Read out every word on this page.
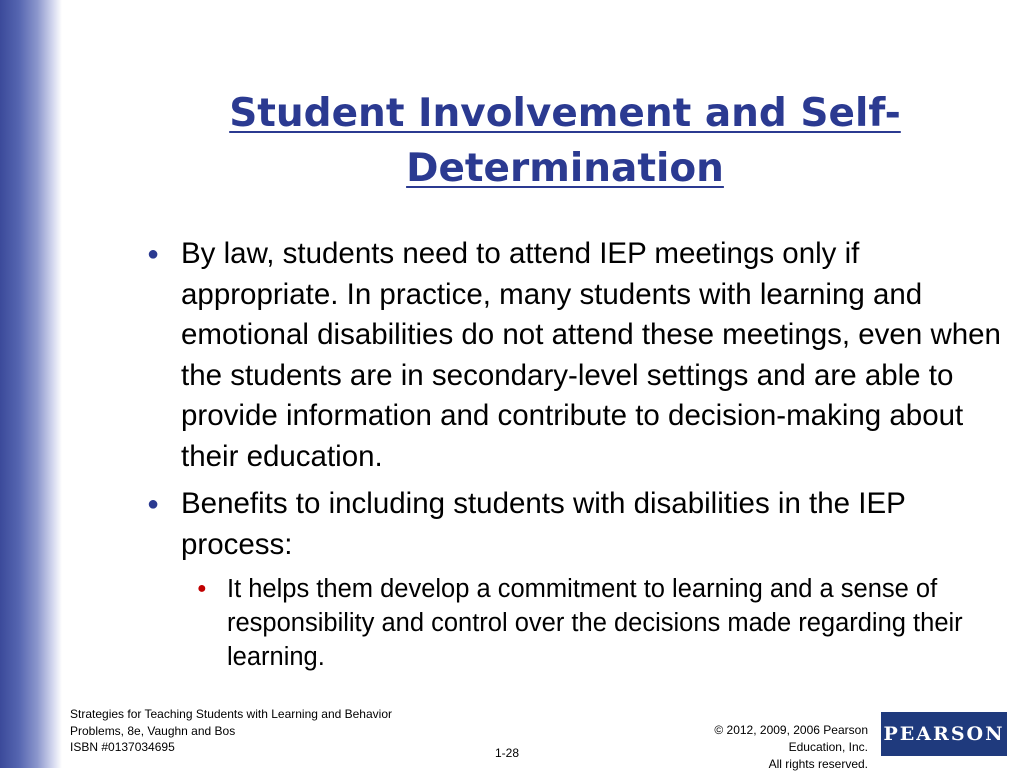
Student Involvement and Self-Determination
● By law, students need to attend IEP meetings only if appropriate. In practice, many students with learning and emotional disabilities do not attend these meetings, even when the students are in secondary-level settings and are able to provide information and contribute to decision-making about their education.
● Benefits to including students with disabilities in the IEP process:
● It helps them develop a commitment to learning and a sense of responsibility and control over the decisions made regarding their learning.
Strategies for Teaching Students with Learning and Behavior
Problems, 8e, Vaughn and Bos
ISBN #0137034695	1-28
© 2012, 2009, 2006 Pearson
Education, Inc.
All rights reserved.
PEARSON
